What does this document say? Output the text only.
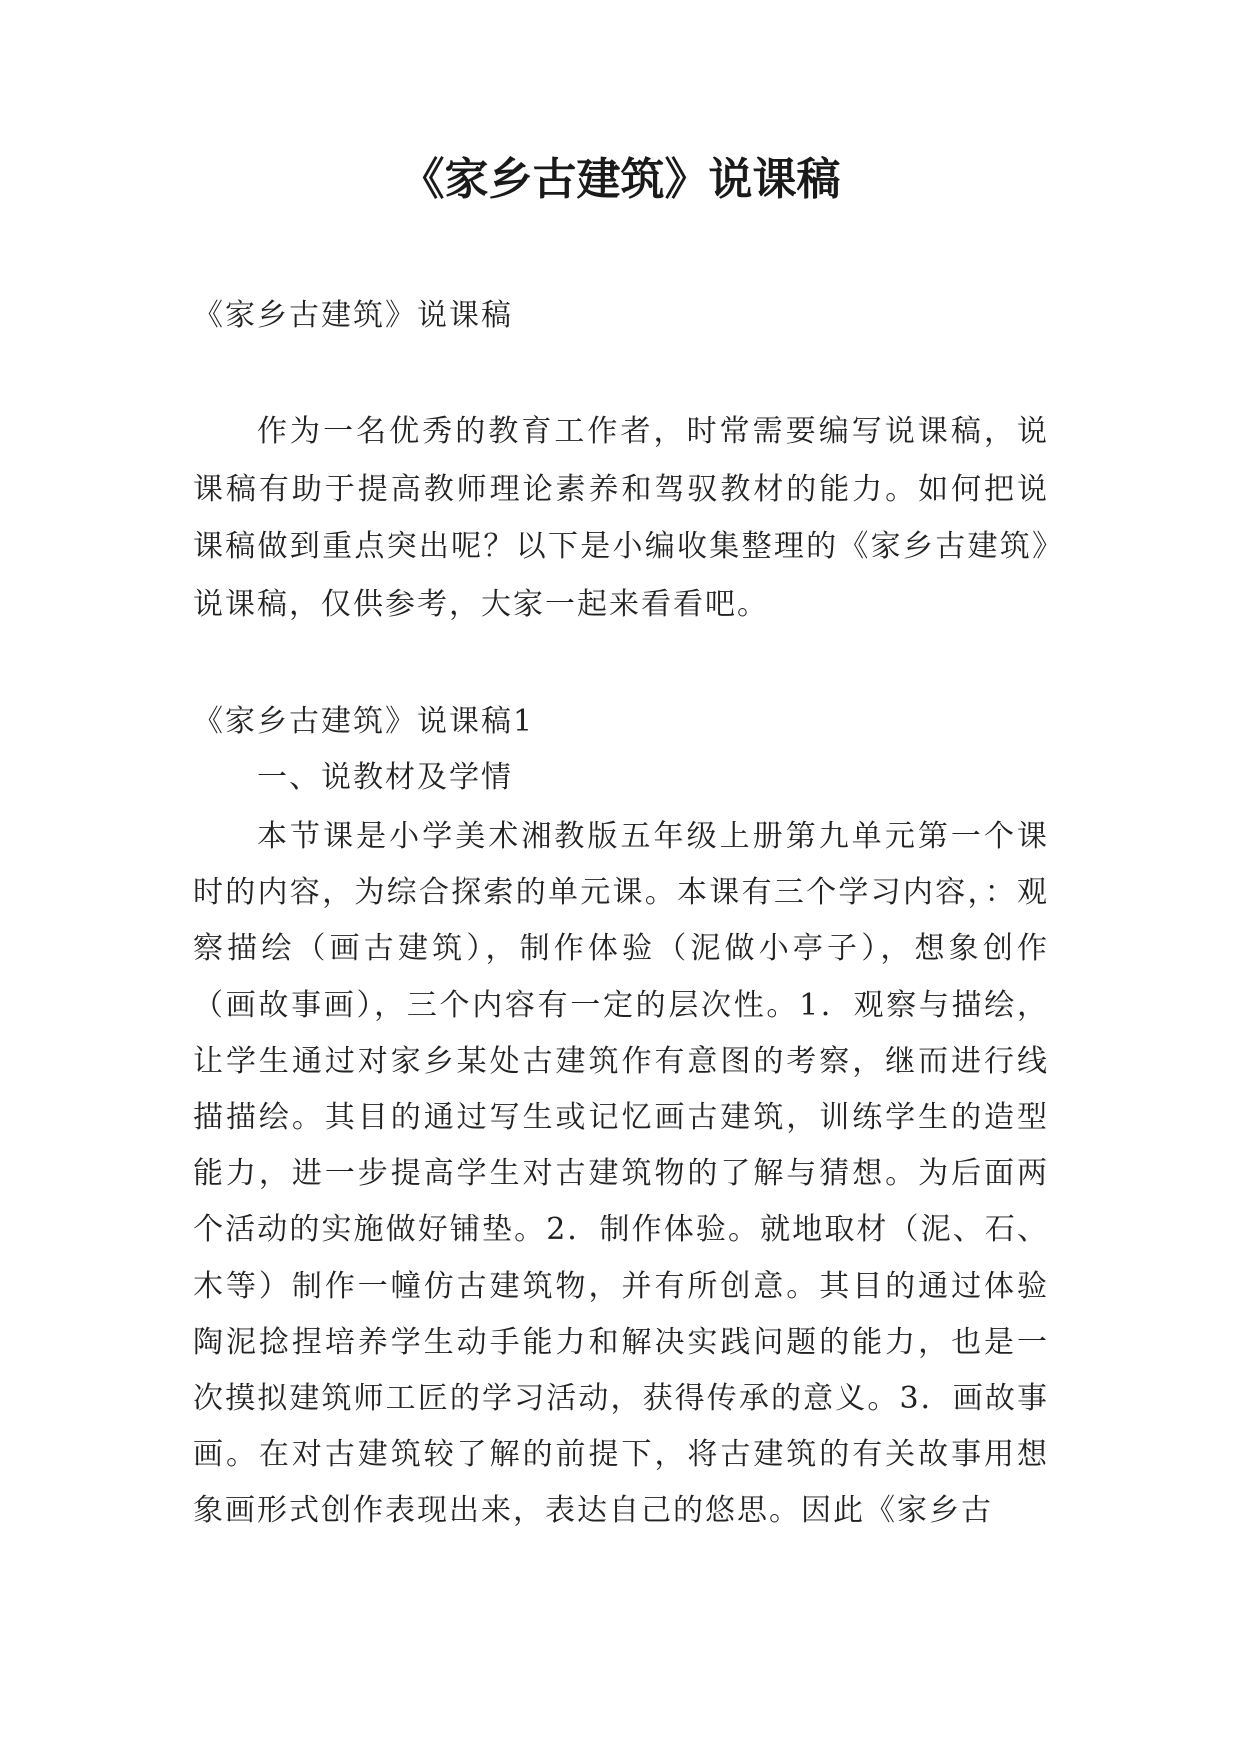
《家乡古建筑》说课稿

《家乡古建筑》说课稿

作为一名优秀的教育工作者，时常需要编写说课稿，说课稿有助于提高教师理论素养和驾驭教材的能力。如何把说课稿做到重点突出呢？以下是小编收集整理的《家乡古建筑》说课稿，仅供参考，大家一起来看看吧。

《家乡古建筑》说课稿1

一、说教材及学情

本节课是小学美术湘教版五年级上册第九单元第一个课时的内容，为综合探索的单元课。本课有三个学习内容，：观察描绘（画古建筑），制作体验（泥做小亭子），想象创作（画故事画），三个内容有一定的层次性。1．观察与描绘，让学生通过对家乡某处古建筑作有意图的考察，继而进行线描描绘。其目的通过写生或记忆画古建筑，训练学生的造型能力，进一步提高学生对古建筑物的了解与猜想。为后面两个活动的实施做好铺垫。2．制作体验。就地取材（泥、石、木等）制作一幢仿古建筑物，并有所创意。其目的通过体验陶泥捻捏培养学生动手能力和解决实践问题的能力，也是一次摸拟建筑师工匠的学习活动，获得传承的意义。3．画故事画。在对古建筑较了解的前提下，将古建筑的有关故事用想象画形式创作表现出来，表达自己的悠思。因此《家乡古
